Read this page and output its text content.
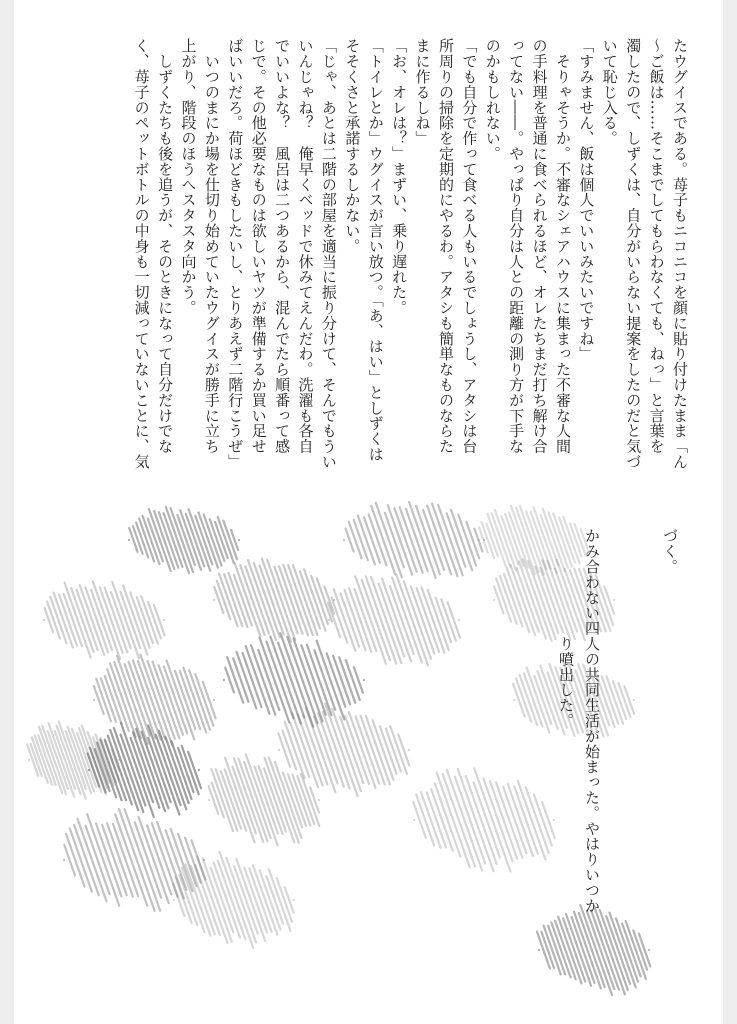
たウグイスである。苺子もニコニコを顔に貼り付けたまま「ん

〜ご飯は……そこまでしてもらわなくても、ねっ」と言葉を

濁したので、しずくは、自分がいらない提案をしたのだと気づ

いて恥じ入る。

「すみません、飯は個人でいいみたいですね」

　そりゃそうか。不審なシェアハウスに集まった不審な人間

の手料理を普通に食べられるほど、オレたちまだ打ち解け合

ってない――。やっぱり自分は人との距離の測り方が下手な

のかもしれない。

「でも自分で作って食べる人もいるでしょうし、アタシは台

所周りの掃除を定期的にやるわ。アタシも簡単なものならた

まに作るしね」

「お、オレは？」まずい、乗り遅れた。

「トイレとか」ウグイスが言い放つ。「あ、はい」としずくは

そそくさと承諾するしかない。

「じゃ、あとは二階の部屋を適当に振り分けて、そんでもうい

いんじゃね？　俺早くベッドで休みてえんだわ。洗濯も各自

でいいよな？　風呂は二つあるから、混んでたら順番って感

じで。その他必要なものは欲しいヤツが準備するか買い足せ

ばいいだろ。荷ほどきもしたいし、とりあえず二階行こうぜ」

　いつのまにか場を仕切り始めていたウグイスが勝手に立ち

上がり、階段のほうへスタスタ向かう。

　しずくたちも後を追うが、そのときになって自分だけでな

く、苺子のペットボトルの中身も一切減っていないことに、気

づく。

かみ合わない四人の共同生活が始まった。やはりいつか

　　　　　　　り噴出した。
